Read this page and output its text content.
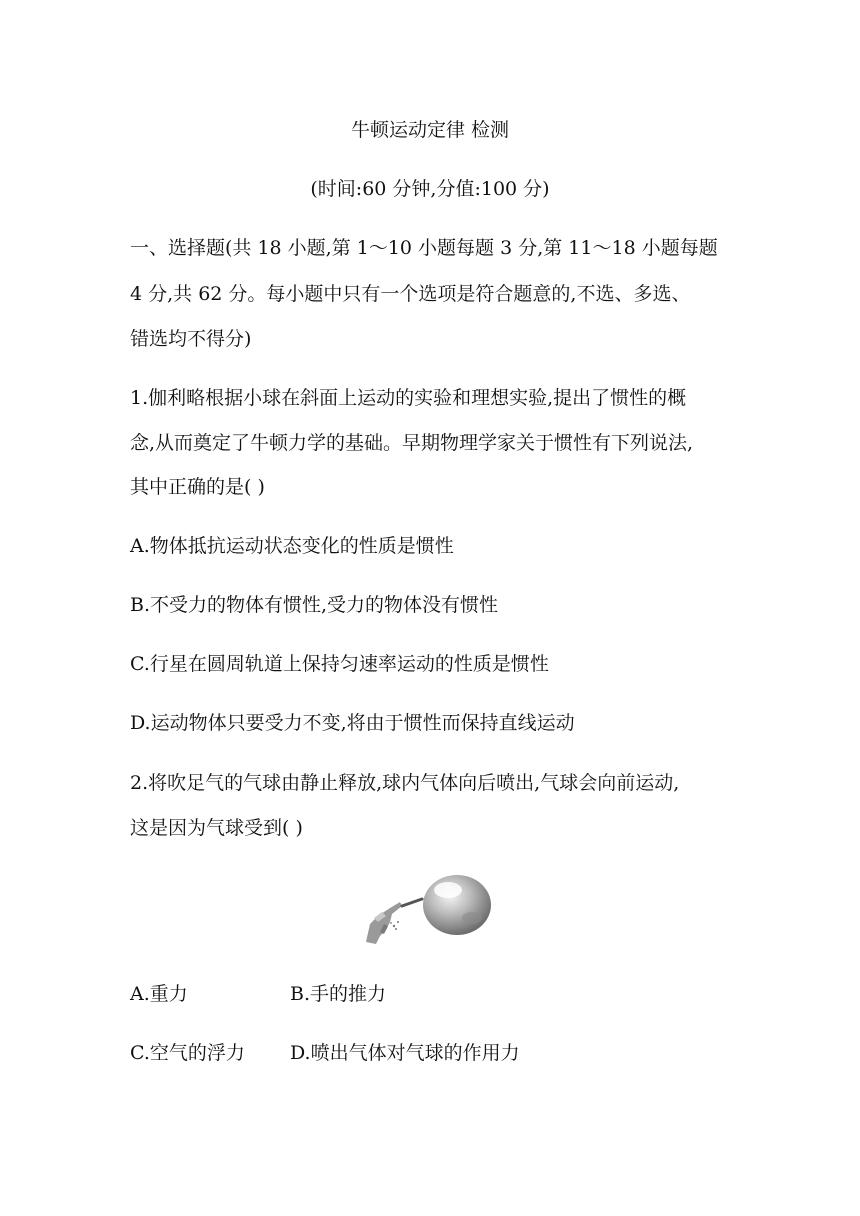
牛顿运动定律 检测
(时间:60 分钟,分值:100 分)
一、选择题(共 18 小题,第 1～10 小题每题 3 分,第 11～18 小题每题
4 分,共 62 分。每小题中只有一个选项是符合题意的,不选、多选、
错选均不得分)
1.伽利略根据小球在斜面上运动的实验和理想实验,提出了惯性的概
念,从而奠定了牛顿力学的基础。早期物理学家关于惯性有下列说法,
其中正确的是( )
A.物体抵抗运动状态变化的性质是惯性
B.不受力的物体有惯性,受力的物体没有惯性
C.行星在圆周轨道上保持匀速率运动的性质是惯性
D.运动物体只要受力不变,将由于惯性而保持直线运动
2.将吹足气的气球由静止释放,球内气体向后喷出,气球会向前运动,
这是因为气球受到( )
A.重力	B.手的推力
C.空气的浮力 D.喷出气体对气球的作用力
